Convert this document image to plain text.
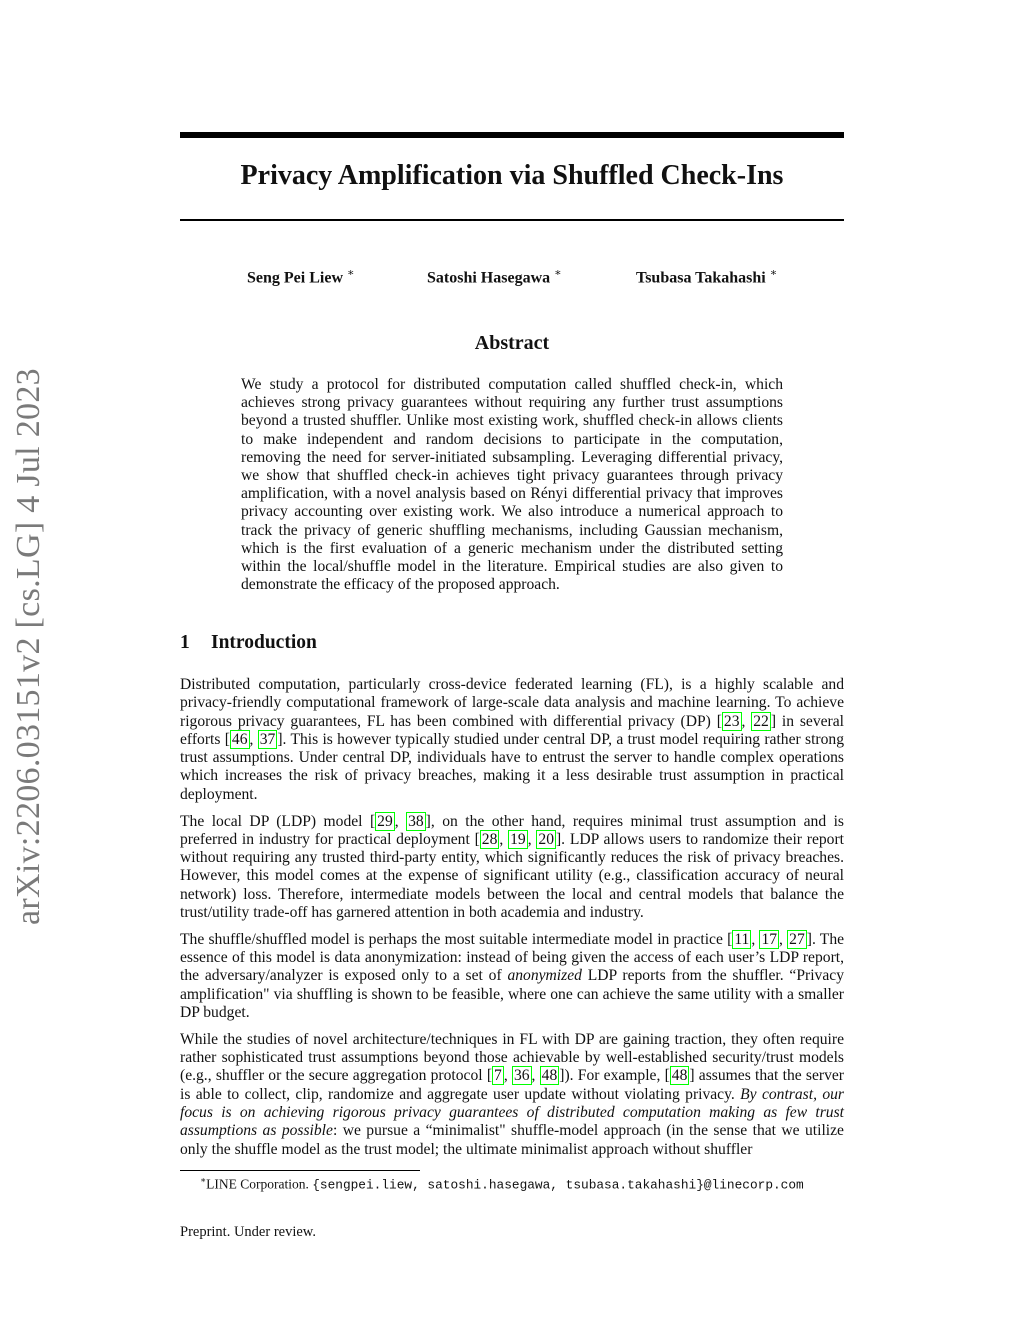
arXiv:2206.03151v2 [cs.LG] 4 Jul 2023
Privacy Amplification via Shuffled Check-Ins
Seng Pei Liew ∗	Satoshi Hasegawa ∗	Tsubasa Takahashi ∗
Abstract

We study a protocol for distributed computation called shuffled check-in, which achieves strong privacy guarantees without requiring any further trust assumptions beyond a trusted shuffler. Unlike most existing work, shuffled check-in allows clients to make independent and random decisions to participate in the computation, removing the need for server-initiated subsampling. Leveraging differential privacy, we show that shuffled check-in achieves tight privacy guarantees through privacy amplification, with a novel analysis based on Rényi differential privacy that improves privacy accounting over existing work. We also introduce a numerical approach to track the privacy of generic shuffling mechanisms, including Gaussian mechanism, which is the first evaluation of a generic mechanism under the distributed setting within the local/shuffle model in the literature. Empirical studies are also given to demonstrate the efficacy of the proposed approach.

1 Introduction

Distributed computation, particularly cross-device federated learning (FL), is a highly scalable and privacy-friendly computational framework of large-scale data analysis and machine learning. To achieve rigorous privacy guarantees, FL has been combined with differential privacy (DP) [ 23 , 22 ] in several efforts [ 46 , 37 ]. This is however typically studied under central DP, a trust model requiring rather strong trust assumptions. Under central DP, individuals have to entrust the server to handle complex operations which increases the risk of privacy breaches, making it a less desirable trust assumption in practical deployment.

The local DP (LDP) model [ 29 , 38 ], on the other hand, requires minimal trust assumption and is preferred in industry for practical deployment [ 28 , 19 , 20 ]. LDP allows users to randomize their report without requiring any trusted third-party entity, which significantly reduces the risk of privacy breaches. However, this model comes at the expense of significant utility (e.g., classification accuracy of neural network) loss. Therefore, intermediate models between the local and central models that balance the trust/utility trade-off has garnered attention in both academia and industry.

The shuffle/shuffled model is perhaps the most suitable intermediate model in practice [ 11 , 17 , 27 ]. The essence of this model is data anonymization: instead of being given the access of each user’s LDP report, the adversary/analyzer is exposed only to a set of anonymized LDP reports from the shuffler. “Privacy amplification" via shuffling is shown to be feasible, where one can achieve the same utility with a smaller DP budget.

While the studies of novel architecture/techniques in FL with DP are gaining traction, they often require rather sophisticated trust assumptions beyond those achievable by well-established security/trust models (e.g., shuffler or the secure aggregation protocol [ 7 , 36 , 48 ]). For example, [ 48 ] assumes that the server is able to collect, clip, randomize and aggregate user update without violating privacy. By contrast, our focus is on achieving rigorous privacy guarantees of distributed computation making as few trust assumptions as possible: we pursue a “minimalist" shuffle-model approach (in the sense that we utilize only the shuffle model as the trust model; the ultimate minimalist approach without shuffler

∗LINE Corporation. {sengpei.liew, satoshi.hasegawa, tsubasa.takahashi}@linecorp.com
Preprint. Under review.
